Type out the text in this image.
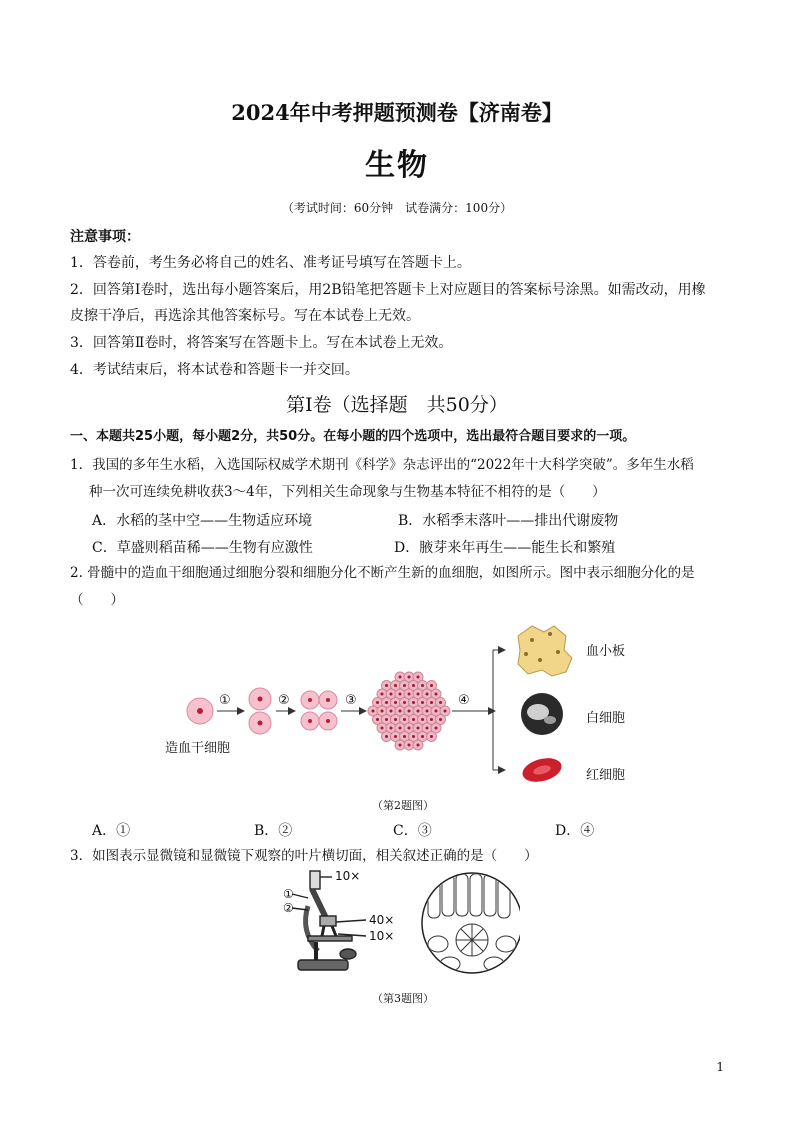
2024年中考押题预测卷【济南卷】
生物
（考试时间：60分钟　试卷满分：100分）
注意事项：
1．答卷前，考生务必将自己的姓名、准考证号填写在答题卡上。
2．回答第Ⅰ卷时，选出每小题答案后，用2B铅笔把答题卡上对应题目的答案标号涂黑。如需改动，用橡
皮擦干净后，再选涂其他答案标号。写在本试卷上无效。
3．回答第Ⅱ卷时，将答案写在答题卡上。写在本试卷上无效。
4．考试结束后，将本试卷和答题卡一并交回。
第Ⅰ卷（选择题　共50分）
一、本题共25小题，每小题2分，共50分。在每小题的四个选项中，选出最符合题目要求的一项。
1．我国的多年生水稻，入选国际权威学术期刊《科学》杂志评出的“2022年十大科学突破”。多年生水稻
种一次可连续免耕收获3～4年，下列相关生命现象与生物基本特征不相符的是（　　）
A．水稻的茎中空——生物适应环境	B．水稻季末落叶——排出代谢废物
C．草盛则稻苗稀——生物有应激性	D．腋芽来年再生——能生长和繁殖
2. 骨髓中的造血干细胞通过细胞分裂和细胞分化不断产生新的血细胞，如图所示。图中表示细胞分化的是
（　　）
①	②	③	④
造血干细胞
血小板
白细胞
红细胞
（第2题图）
A．①	B．②	C．③	D．④
3．如图表示显微镜和显微镜下观察的叶片横切面，相关叙述正确的是（　　）
①
②
10×
40×
10×
（第3题图）
1
